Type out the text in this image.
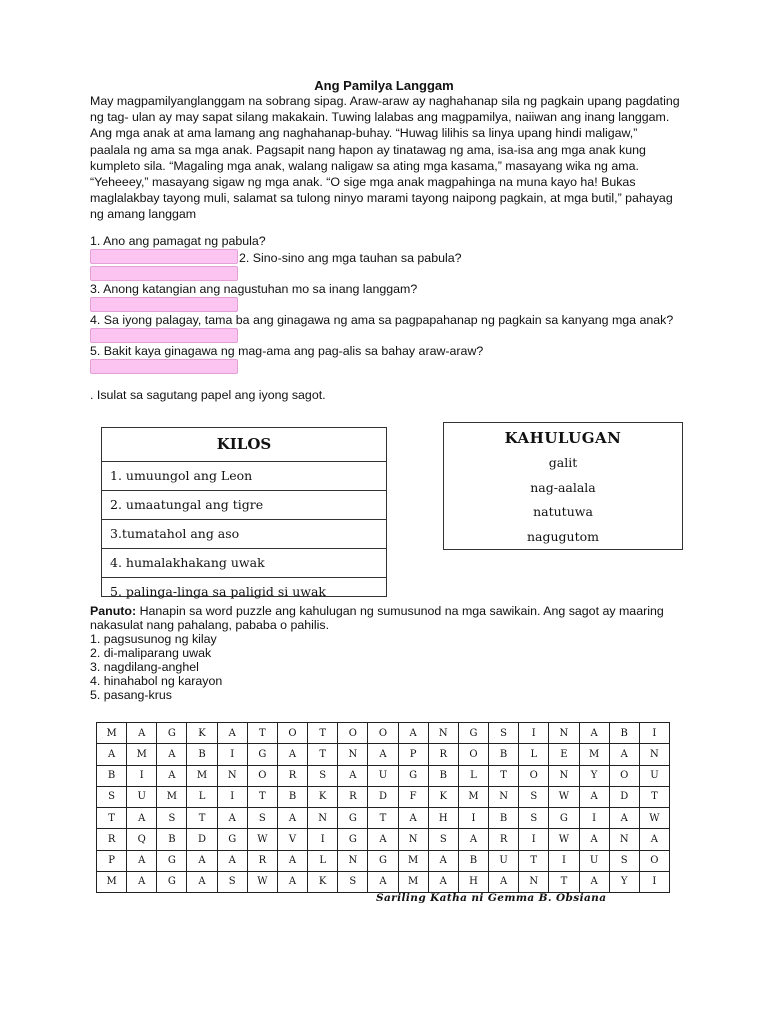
Ang Pamilya Langgam
May magpamilyanglanggam na sobrang sipag. Araw-araw ay naghahanap sila ng pagkain upang pagdating ng tag- ulan ay may sapat silang makakain. Tuwing lalabas ang magpamilya, naiiwan ang inang langgam. Ang mga anak at ama lamang ang naghahanap-buhay. “Huwag lilihis sa linya upang hindi maligaw,” paalala ng ama sa mga anak. Pagsapit nang hapon ay tinatawag ng ama, isa-isa ang mga anak kung kumpleto sila. “Magaling mga anak, walang naligaw sa ating mga kasama,” masayang wika ng ama. “Yeheeey,” masayang sigaw ng mga anak. “O sige mga anak magpahinga na muna kayo ha! Bukas maglalakbay tayong muli, salamat sa tulong ninyo marami tayong naipong pagkain, at mga butil,” pahayag ng amang langgam
1. Ano ang pamagat ng pabula?
2. Sino-sino ang mga tauhan sa pabula?
3. Anong katangian ang nagustuhan mo sa inang langgam?
4. Sa iyong palagay, tama ba ang ginagawa ng ama sa pagpapahanap ng pagkain sa kanyang mga anak?
5. Bakit kaya ginagawa ng mag-ama ang pag-alis sa bahay araw-araw?
. Isulat sa sagutang papel ang iyong sagot.
KILOS
1. umuungol ang Leon
2. umaatungal ang tigre
3.tumatahol ang aso
4. humalakhakang uwak
5. palinga-linga sa paligid si uwak
KAHULUGAN
galit
nag-aalala
natutuwa
nagugutom
Panuto: Hanapin sa word puzzle ang kahulugan ng sumusunod na mga sawikain. Ang sagot ay maaring nakasulat nang pahalang, pababa o pahilis.
1. pagsusunog ng kilay
2. di-maliparang uwak
3. nagdilang-anghel
4. hinahabol ng karayon
5. pasang-krus
M	A	G	K	A	T	O	T	O	O	A	N	G	S	I	N	A	B	I
A	M	A	B	I	G	A	T	N	A	P	R	O	B	L	E	M	A	N
B	I	A	M	N	O	R	S	A	U	G	B	L	T	O	N	Y	O	U
S	U	M	L	I	T	B	K	R	D	F	K	M	N	S	W	A	D	T
T	A	S	T	A	S	A	N	G	T	A	H	I	B	S	G	I	A	W
R	Q	B	D	G	W	V	I	G	A	N	S	A	R	I	W	A	N	A
P	A	G	A	A	R	A	L	N	G	M	A	B	U	T	I	U	S	O
M	A	G	A	S	W	A	K	S	A	M	A	H	A	N	T	A	Y	I
Sariling Katha ni Gemma B. Obsiana
